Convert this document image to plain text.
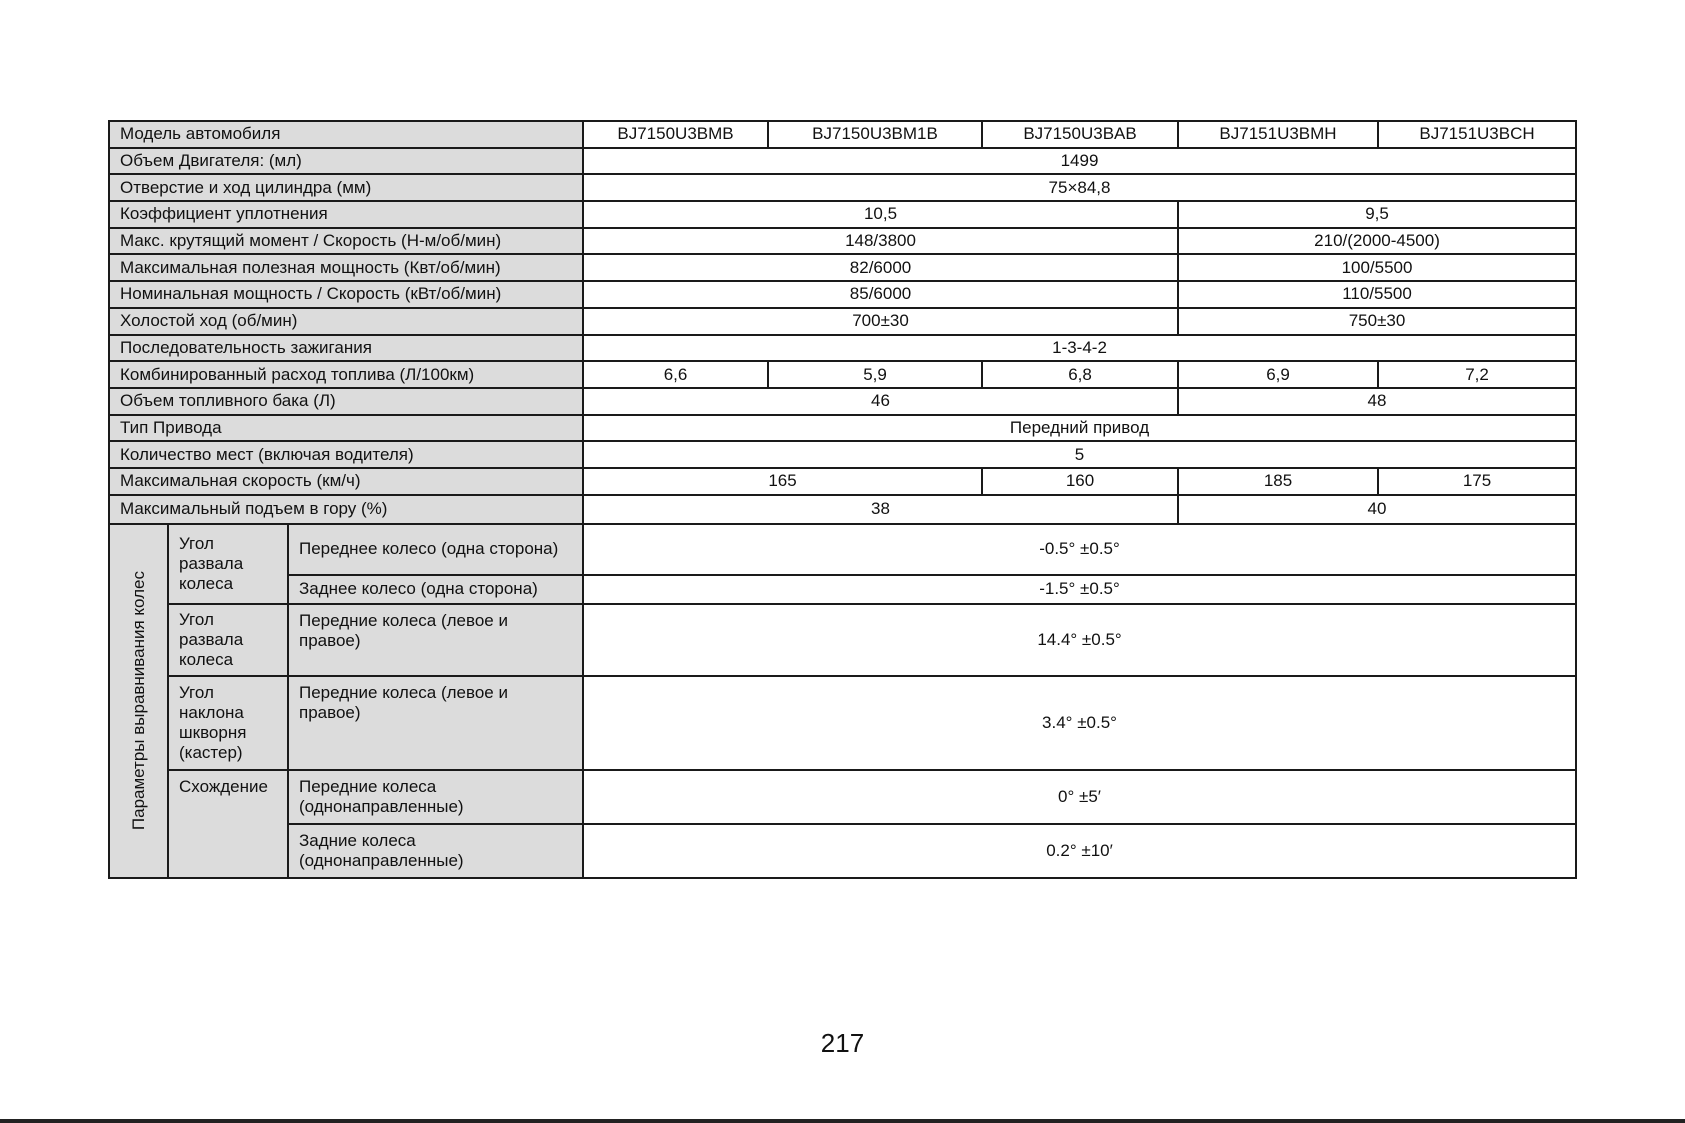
Модель автомобиля			BJ7150U3BMB	BJ7150U3BM1B	BJ7150U3BAB	BJ7151U3BMH	BJ7151U3BCH
Объем Двигателя: (мл)			1499				
Отверстие и ход цилиндра (мм)			75×84,8				
Коэффициент уплотнения			10,5			9,5	
Макс. крутящий момент / Скорость (Н-м/об/мин)			148/3800			210/(2000-4500)	
Максимальная полезная мощность (Квт/об/мин)			82/6000			100/5500	
Номинальная мощность / Скорость (кВт/об/мин)			85/6000			110/5500	
Холостой ход (об/мин)			700±30			750±30	
Последовательность зажигания			1-3-4-2				
Комбинированный расход топлива (Л/100км)			6,6	5,9	6,8	6,9	7,2
Объем топливного бака (Л)			46			48	
Тип Привода			Передний привод				
Количество мест (включая водителя)			5				
Максимальная скорость (км/ч)			165		160	185	175
Максимальный подъем в гору (%)			38			40	

Параметры выравнивания колес	Угол развала колеса	Переднее колесо (одна сторона)	-0.5° ±0.5°				
		Заднее колесо (одна сторона)	-1.5° ±0.5°				
	Угол развала колеса	Передние колеса (левое и правое)	14.4° ±0.5°				
	Угол наклона шкворня (кастер)	Передние колеса (левое и правое)	3.4° ±0.5°				
	Схождение	Передние колеса (однонаправленные)	0° ±5′				
		Задние колеса (однонаправленные)	0.2° ±10′				
217
